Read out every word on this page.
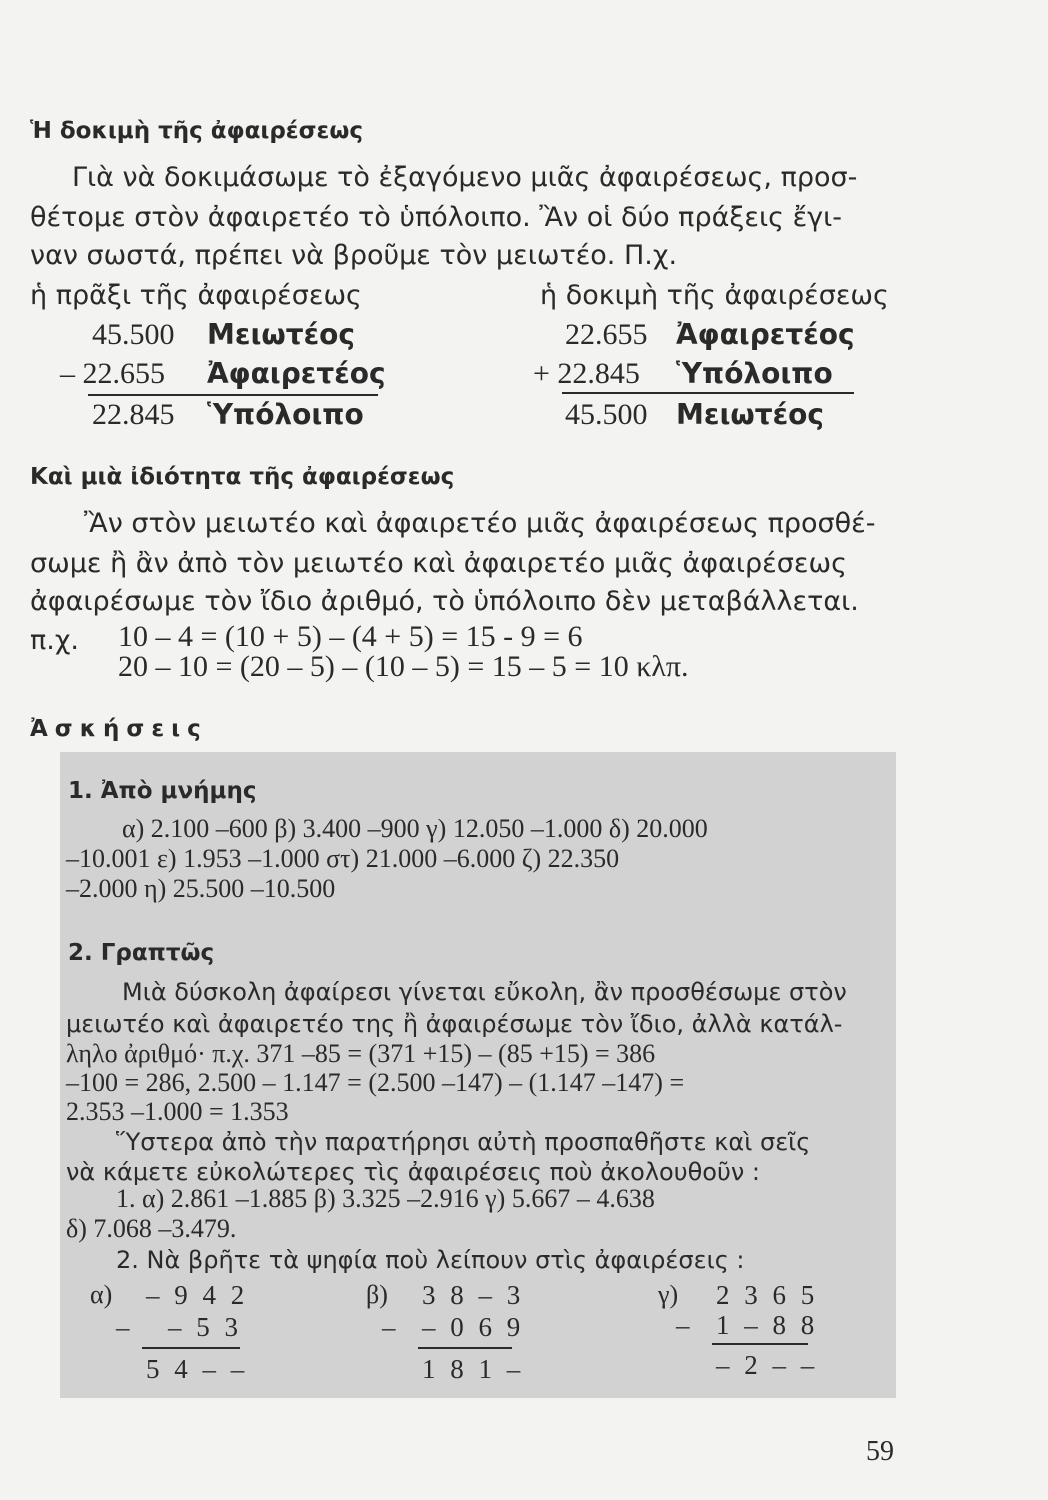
Ἡ δοκιμὴ τῆς ἀφαιρέσεως
Γιὰ νὰ δοκιμάσωμε τὸ ἐξαγόμενο μιᾶς ἀφαιρέσεως, προσ-
θέτομε στὸν ἀφαιρετέο τὸ ὑπόλοιπο. Ἂν οἱ δύο πράξεις ἔγι-
ναν σωστά, πρέπει νὰ βροῦμε τὸν μειωτέο. Π.χ.
ἡ πρᾶξι τῆς ἀφαιρέσεως	ἡ δοκιμὴ τῆς ἀφαιρέσεως
45.500 Μειωτέος
– 22.655 Ἀφαιρετέος
22.845 Ὑπόλοιπο
22.655 Ἀφαιρετέος
+ 22.845 Ὑπόλοιπο
45.500 Μειωτέος
Καὶ μιὰ ἰδιότητα τῆς ἀφαιρέσεως
Ἂν στὸν μειωτέο καὶ ἀφαιρετέο μιᾶς ἀφαιρέσεως προσθέ-
σωμε ἢ ἂν ἀπὸ τὸν μειωτέο καὶ ἀφαιρετέο μιᾶς ἀφαιρέσεως
ἀφαιρέσωμε τὸν ἴδιο ἀριθμό, τὸ ὑπόλοιπο δὲν μεταβάλλεται.
π.χ. 10 – 4 = (10 + 5) – (4 + 5) = 15 - 9 = 6
20 – 10 = (20 – 5) – (10 – 5) = 15 – 5 = 10 κλπ.
Ἀσκήσεις
1. Ἀπὸ μνήμης
α) 2.100 –600 β) 3.400 –900 γ) 12.050 –1.000 δ) 20.000
–10.001 ε) 1.953 –1.000 στ) 21.000 –6.000 ζ) 22.350
–2.000 η) 25.500 –10.500
2. Γραπτῶς
Μιὰ δύσκολη ἀφαίρεσι γίνεται εὔκολη, ἂν προσθέσωμε στὸν
μειωτέο καὶ ἀφαιρετέο της ἢ ἀφαιρέσωμε τὸν ἴδιο, ἀλλὰ κατάλ-
ληλο ἀριθμό· π.χ. 371 –85 = (371 +15) – (85 +15) = 386
–100 = 286, 2.500 – 1.147 = (2.500 –147) – (1.147 –147) =
2.353 –1.000 = 1.353
Ὕστερα ἀπὸ τὴν παρατήρησι αὐτὴ προσπαθῆστε καὶ σεῖς
νὰ κάμετε εὐκολώτερες τὶς ἀφαιρέσεις ποὺ ἀκολουθοῦν :
1. α) 2.861 –1.885 β) 3.325 –2.916 γ) 5.667 – 4.638
δ) 7.068 –3.479.
2. Νὰ βρῆτε τὰ ψηφία ποὺ λείπουν στὶς ἀφαιρέσεις :
α) – 9 4 2
– – 5 3
5 4 – –
β) 3 8 – 3
– – 0 6 9
1 8 1 –
γ) 2 3 6 5
– 1 – 8 8
– 2 – –
59
